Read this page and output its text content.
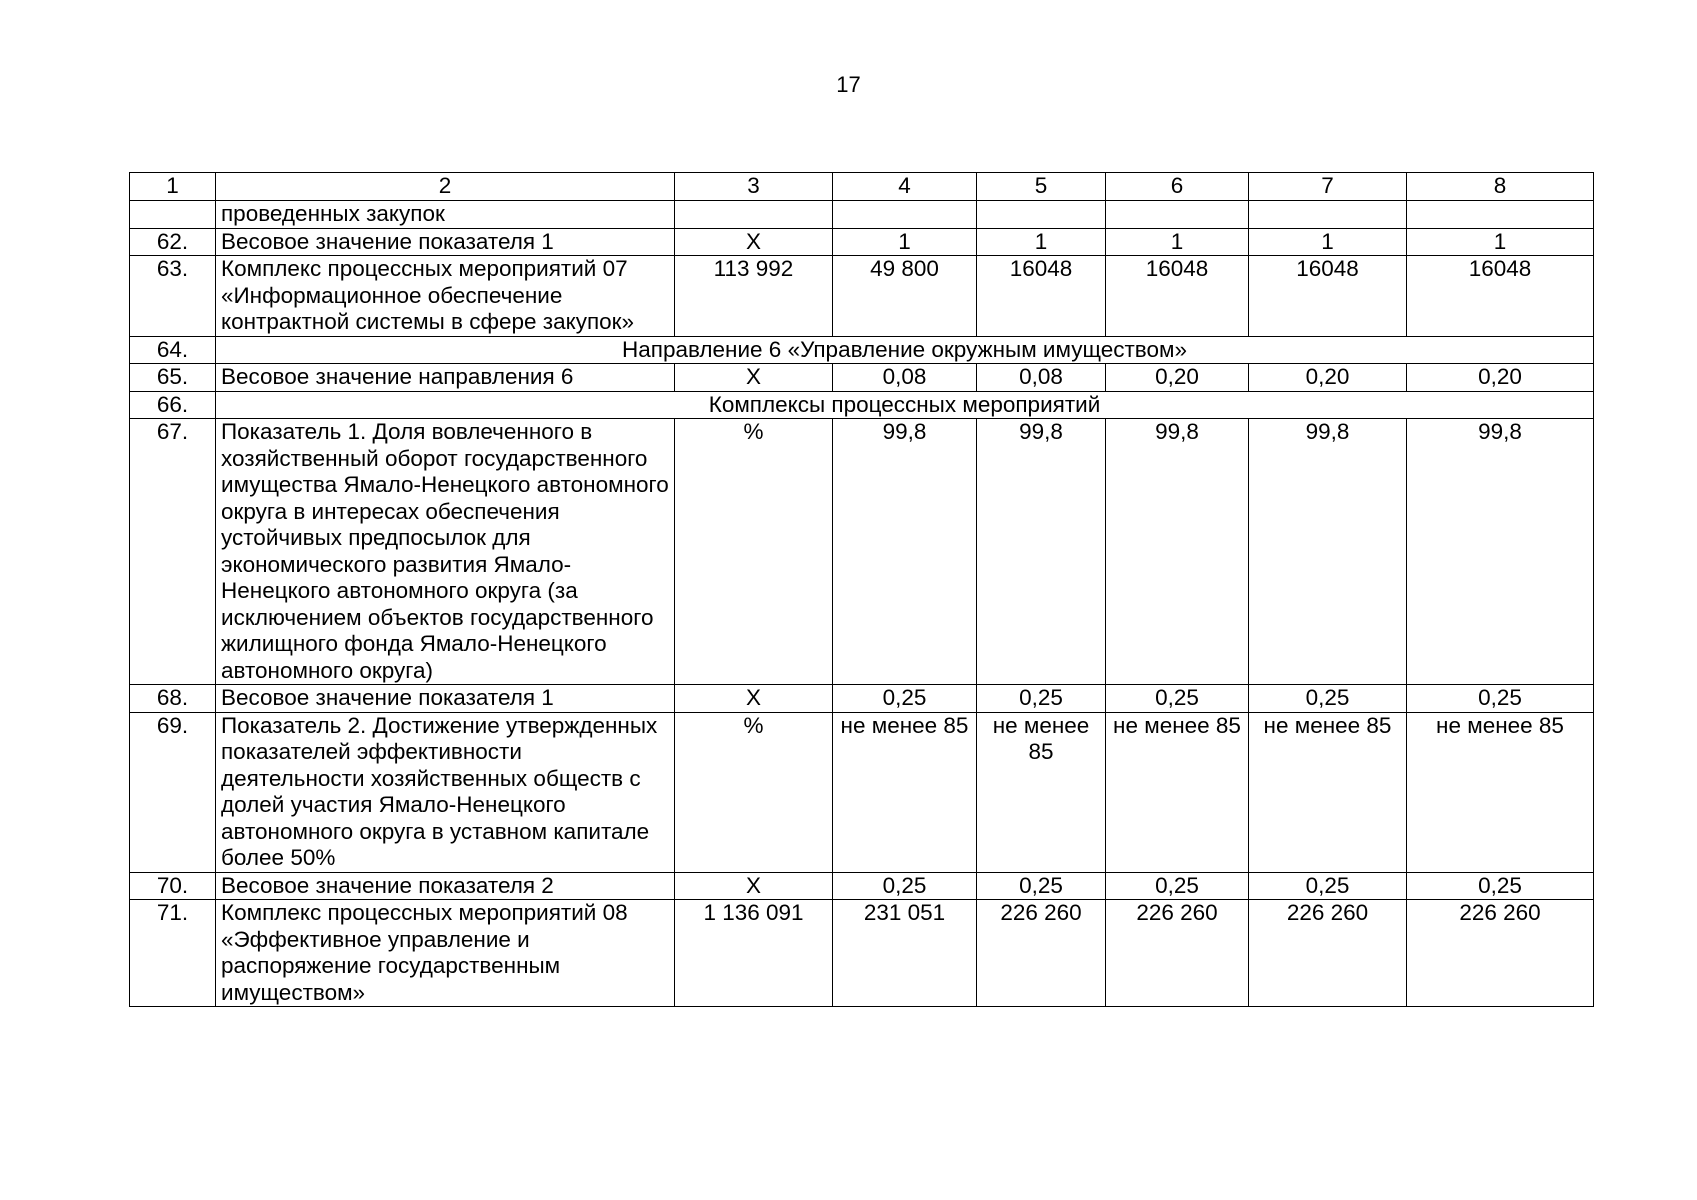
17
1	2	3	4	5	6	7	8
	проведенных закупок						
62.	Весовое значение показателя 1	Х	1	1	1	1	1
63.	Комплекс процессных мероприятий 07 «Информационное обеспечение контрактной системы в сфере закупок»	113 992	49 800	16048	16048	16048	16048
64.	Направление 6 «Управление окружным имуществом»						
65.	Весовое значение направления 6	Х	0,08	0,08	0,20	0,20	0,20
66.	Комплексы процессных мероприятий						
67.	Показатель 1. Доля вовлеченного в хозяйственный оборот государственного имущества Ямало-Ненецкого автономного округа в интересах обеспечения устойчивых предпосылок для экономического развития Ямало-Ненецкого автономного округа (за исключением объектов государственного жилищного фонда Ямало-Ненецкого автономного округа)	%	99,8	99,8	99,8	99,8	99,8
68.	Весовое значение показателя 1	Х	0,25	0,25	0,25	0,25	0,25
69.	Показатель 2. Достижение утвержденных показателей эффективности деятельности хозяйственных обществ с долей участия Ямало-Ненецкого автономного округа в уставном капитале более 50%	%	не менее 85	не менее 85	не менее 85	не менее 85	не менее 85
70.	Весовое значение показателя 2	Х	0,25	0,25	0,25	0,25	0,25
71.	Комплекс процессных мероприятий 08 «Эффективное управление и распоряжение государственным имуществом»	1 136 091	231 051	226 260	226 260	226 260	226 260
